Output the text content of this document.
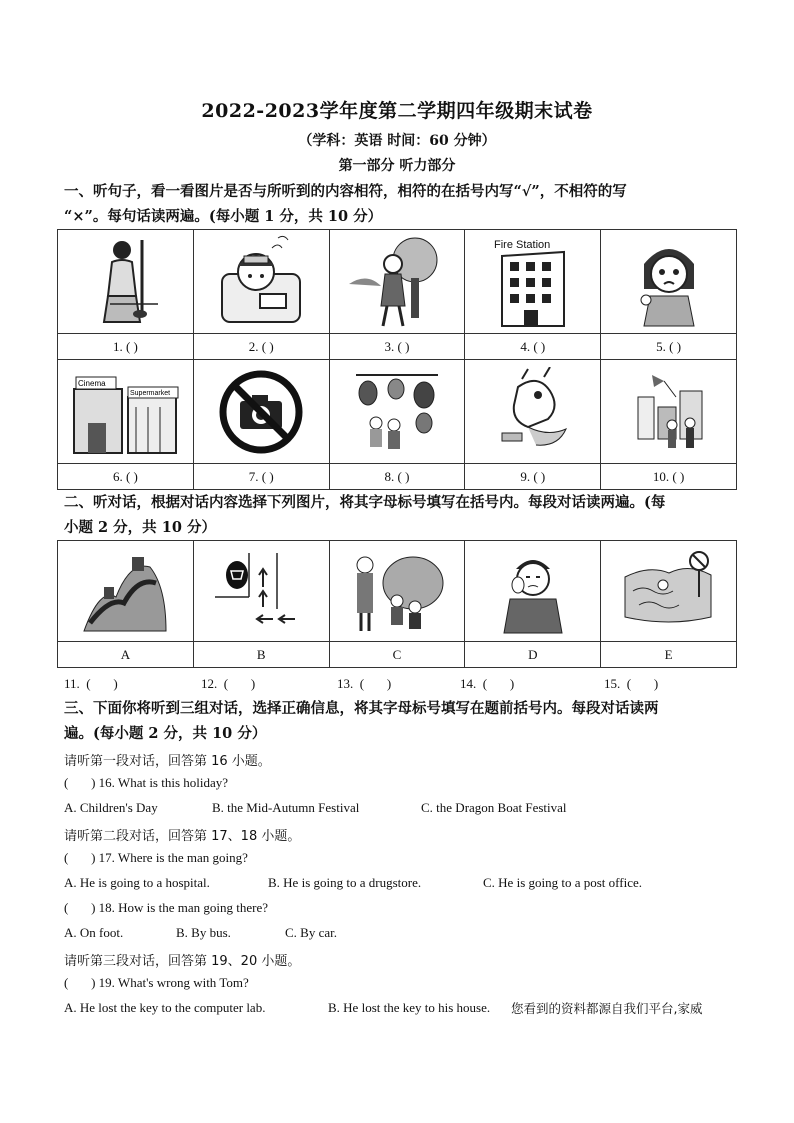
2022-2023学年度第二学期四年级期末试卷
（学科：英语 时间：60 分钟）
第一部分 听力部分
一、听句子，看一看图片是否与所听到的内容相符，相符的在括号内写“√”，不相符的写
“×”。每句话读两遍。(每小题 1 分，共 10 分）

Fire Station

1. ( )	2. ( )	3. ( )	4. ( )	5. ( )

Cinema
Supermarket

6. ( )	7. ( )	8. ( )	9. ( )	10. ( )
二、听对话，根据对话内容选择下列图片，将其字母标号填写在括号内。每段对话读两遍。(每
小题 2 分，共 10 分）

A	B	C	D	E
11.  (       )	12.  (       )	13.  (       )	14.  (       )	15.  (       )
三、下面你将听到三组对话，选择正确信息，将其字母标号填写在题前括号内。每段对话读两
遍。(每小题 2 分，共 10 分）
请听第一段对话，回答第 16 小题。
(       ) 16. What is this holiday?
A. Children's Day	B. the Mid-Autumn Festival	C. the Dragon Boat Festival
请听第二段对话，回答第 17、18 小题。
(       ) 17. Where is the man going?
A. He is going to a hospital.	B. He is going to a drugstore.	C. He is going to a post office.
(       ) 18. How is the man going there?
A. On foot.	B. By bus.	C. By car.
请听第三段对话，回答第 19、20 小题。
(       ) 19. What's wrong with Tom?
A. He lost the key to the computer lab.	B. He lost the key to his house. 您看到的资料都源自我们平台,家威
